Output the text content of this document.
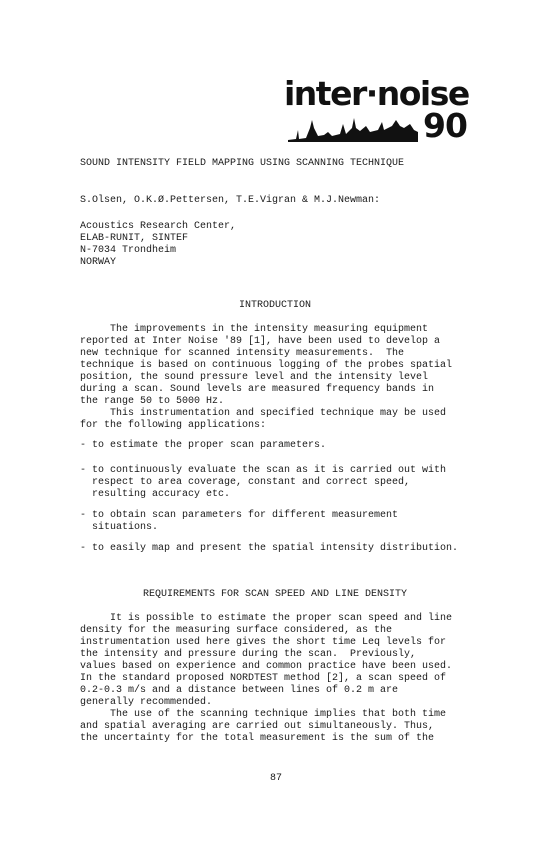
inter·noise
90
SOUND INTENSITY FIELD MAPPING USING SCANNING TECHNIQUE
S.Olsen, O.K.Ø.Pettersen, T.E.Vigran & M.J.Newman:
Acoustics Research Center,
ELAB-RUNIT, SINTEF
N-7034 Trondheim
NORWAY
INTRODUCTION
The improvements in the intensity measuring equipment
reported at Inter Noise '89 [1], have been used to develop a
new technique for scanned intensity measurements.  The
technique is based on continuous logging of the probes spatial
position, the sound pressure level and the intensity level
during a scan. Sound levels are measured frequency bands in
the range 50 to 5000 Hz.
This instrumentation and specified technique may be used
for the following applications:
- to estimate the proper scan parameters.
- to continuously evaluate the scan as it is carried out with
respect to area coverage, constant and correct speed,
resulting accuracy etc.
- to obtain scan parameters for different measurement
situations.
- to easily map and present the spatial intensity distribution.
REQUIREMENTS FOR SCAN SPEED AND LINE DENSITY
It is possible to estimate the proper scan speed and line
density for the measuring surface considered, as the
instrumentation used here gives the short time Leq levels for
the intensity and pressure during the scan.  Previously,
values based on experience and common practice have been used.
In the standard proposed NORDTEST method [2], a scan speed of
0.2-0.3 m/s and a distance between lines of 0.2 m are
generally recommended.
The use of the scanning technique implies that both time
and spatial averaging are carried out simultaneously. Thus,
the uncertainty for the total measurement is the sum of the
87
